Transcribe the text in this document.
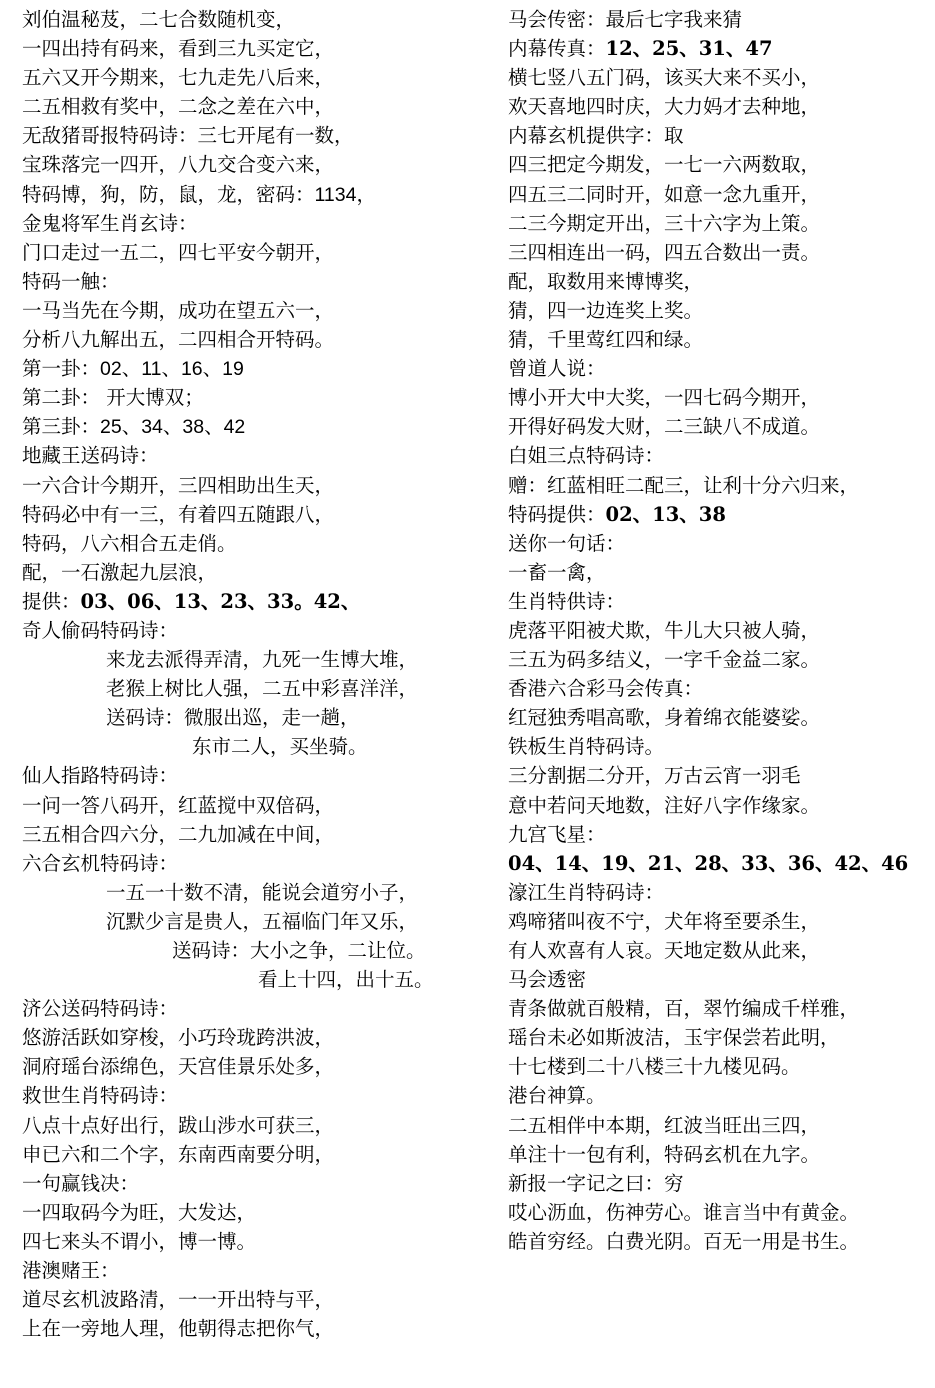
刘伯温秘芨，二七合数随机变，
一四出持有码来，看到三九买定它，
五六又开今期来，七九走先八后来，
二五相救有奖中，二念之差在六中，
无敌猪哥报特码诗：三七开尾有一数，
宝珠落完一四开，八九交合变六来，
特码博，狗，防，鼠，龙，密码：1134，
金鬼将军生肖玄诗：
门口走过一五二，四七平安今朝开，
特码一触：
一马当先在今期，成功在望五六一，
分析八九解出五，二四相合开特码。
第一卦：02、11、16、19
第二卦： 开大博双；
第三卦：25、34、38、42
地藏王送码诗：
一六合计今期开，三四相助出生天，
特码必中有一三，有着四五随跟八，
特码，八六相合五走俏。
配，一石激起九层浪，
提供：03、06、13、23、33。42、
奇人偷码特码诗：
来龙去派得弄清，九死一生博大堆，
老猴上树比人强，二五中彩喜洋洋，
送码诗：微服出巡，走一趟，
东市二人，买坐骑。
仙人指路特码诗：
一问一答八码开，红蓝搅中双倍码，
三五相合四六分，二九加减在中间，
六合玄机特码诗：
一五一十数不清，能说会道穷小子，
沉默少言是贵人，五福临门年又乐，
送码诗：大小之争，二让位。
看上十四，出十五。
济公送码特码诗：
悠游活跃如穿梭，小巧玲珑跨洪波，
洞府瑶台添绵色，天宫佳景乐处多，
救世生肖特码诗：
八点十点好出行，跋山涉水可获三，
申已六和二个字，东南西南要分明，
一句赢钱决：
一四取码今为旺，大发达，
四七来头不谓小，博一博。
港澳赌王：
道尽玄机波路清，一一开出特与平，
上在一旁地人理，他朝得志把你气，
马会传密：最后七字我来猜
内幕传真：12、25、31、47
横七竖八五门码，该买大来不买小，
欢天喜地四时庆，大力妈才去种地，
内幕玄机提供字：取
四三把定今期发，一七一六两数取，
四五三二同时开，如意一念九重开，
二三今期定开出，三十六字为上策。
三四相连出一码，四五合数出一责。
配，取数用来博博奖，
猜，四一边连奖上奖。
猜，千里莺红四和绿。
曾道人说：
博小开大中大奖，一四七码今期开，
开得好码发大财，二三缺八不成道。
白姐三点特码诗：
赠：红蓝相旺二配三，让利十分六归来，
特码提供：02、13、38
送你一句话：
一畜一禽，
生肖特供诗：
虎落平阳被犬欺，牛儿大只被人骑，
三五为码多结义，一字千金益二家。
香港六合彩马会传真：
红冠独秀唱高歌，身着绵衣能婆娑。
铁板生肖特码诗。
三分割据二分开，万古云宵一羽毛
意中若问天地数，注好八字作缘家。
九宫飞星：
04、14、19、21、28、33、36、42、46
濠江生肖特码诗：
鸡啼猪叫夜不宁，犬年将至要杀生，
有人欢喜有人哀。天地定数从此来，
马会透密
青条做就百般精，百，翠竹编成千样雅，
瑶台未必如斯波洁，玉宇保尝若此明，
十七楼到二十八楼三十九楼见码。
港台神算。
二五相伴中本期，红波当旺出三四，
单注十一包有利，特码玄机在九字。
新报一字记之曰：穷
哎心沥血，伤神劳心。谁言当中有黄金。
皓首穷经。白费光阴。百无一用是书生。
